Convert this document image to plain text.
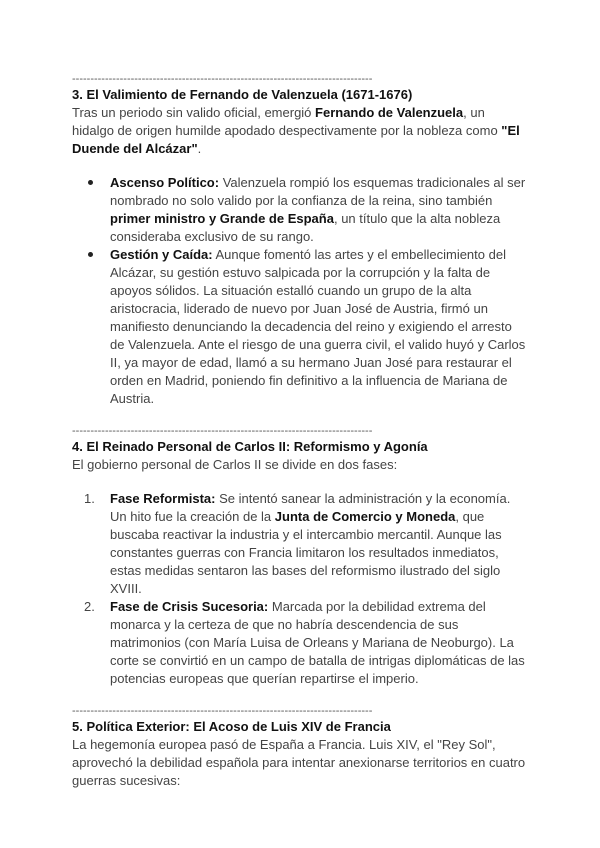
----------------------------------------------------------------------------------

3. El Valimiento de Fernando de Valenzuela (1671-1676)

Tras un periodo sin valido oficial, emergió Fernando de Valenzuela, un hidalgo de origen humilde apodado despectivamente por la nobleza como "El Duende del Alcázar".

Ascenso Político: Valenzuela rompió los esquemas tradicionales al ser nombrado no solo valido por la confianza de la reina, sino también primer ministro y Grande de España, un título que la alta nobleza consideraba exclusivo de su rango.
Gestión y Caída: Aunque fomentó las artes y el embellecimiento del Alcázar, su gestión estuvo salpicada por la corrupción y la falta de apoyos sólidos. La situación estalló cuando un grupo de la alta aristocracia, liderado de nuevo por Juan José de Austria, firmó un manifiesto denunciando la decadencia del reino y exigiendo el arresto de Valenzuela. Ante el riesgo de una guerra civil, el valido huyó y Carlos II, ya mayor de edad, llamó a su hermano Juan José para restaurar el orden en Madrid, poniendo fin definitivo a la influencia de Mariana de Austria.

----------------------------------------------------------------------------------

4. El Reinado Personal de Carlos II: Reformismo y Agonía

El gobierno personal de Carlos II se divide en dos fases:

1. Fase Reformista: Se intentó sanear la administración y la economía. Un hito fue la creación de la Junta de Comercio y Moneda, que buscaba reactivar la industria y el intercambio mercantil. Aunque las constantes guerras con Francia limitaron los resultados inmediatos, estas medidas sentaron las bases del reformismo ilustrado del siglo XVIII.
2. Fase de Crisis Sucesoria: Marcada por la debilidad extrema del monarca y la certeza de que no habría descendencia de sus matrimonios (con María Luisa de Orleans y Mariana de Neoburgo). La corte se convirtió en un campo de batalla de intrigas diplomáticas de las potencias europeas que querían repartirse el imperio.

----------------------------------------------------------------------------------

5. Política Exterior: El Acoso de Luis XIV de Francia

La hegemonía europea pasó de España a Francia. Luis XIV, el "Rey Sol", aprovechó la debilidad española para intentar anexionarse territorios en cuatro guerras sucesivas:
